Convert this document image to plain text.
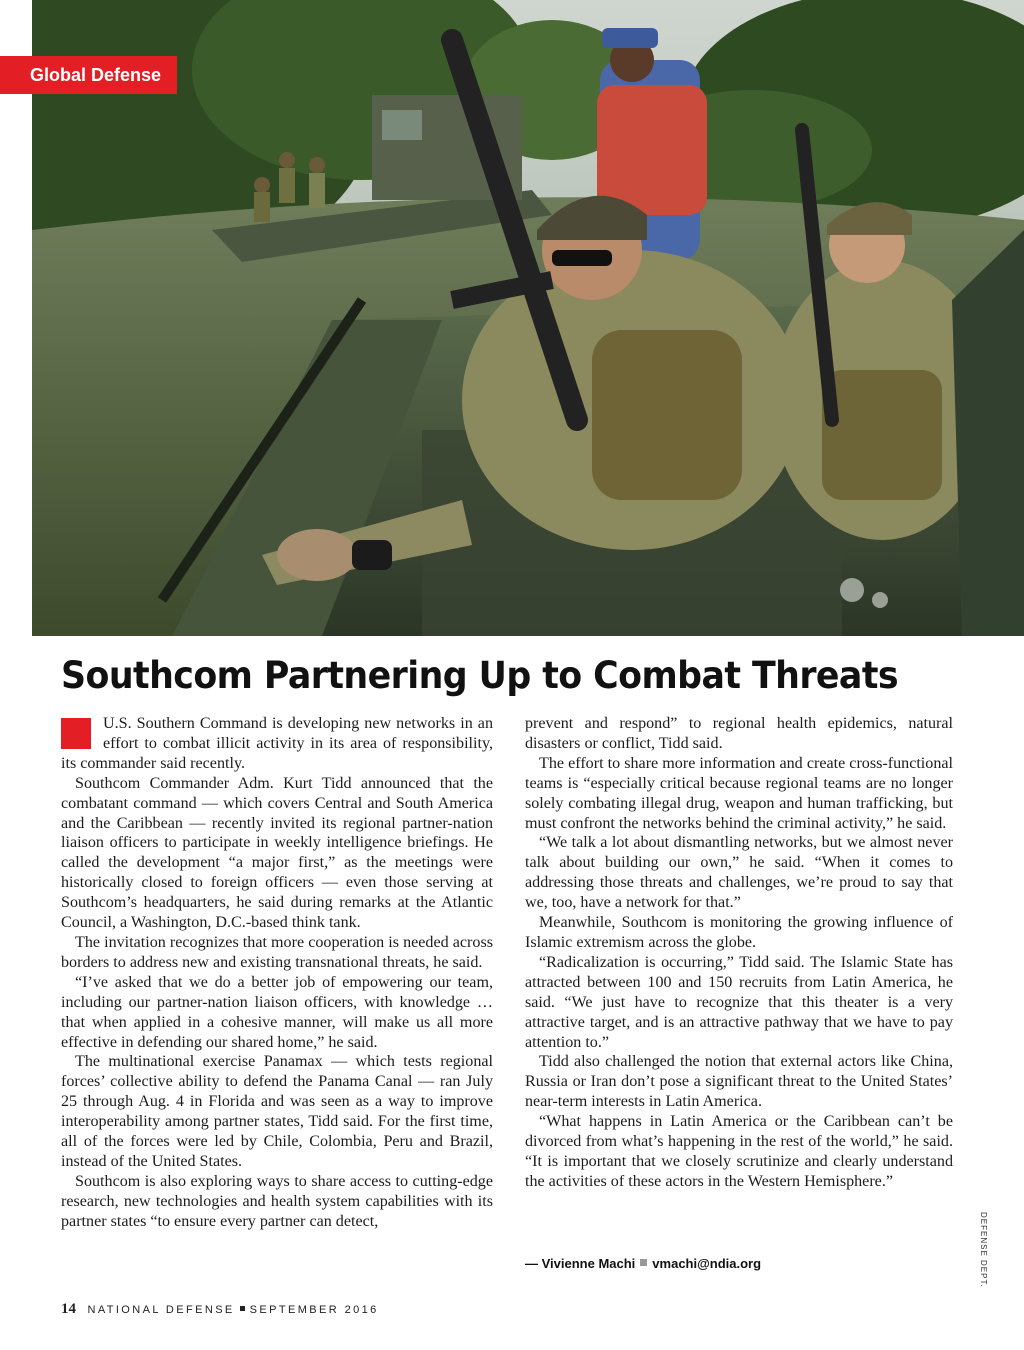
Global Defense
DEFENSE DEPT.
Southcom Partnering Up to Combat Threats

U.S. Southern Command is developing new networks in an effort to combat illicit activity in its area of responsibility, its commander said recently.

Southcom Commander Adm. Kurt Tidd announced that the combatant command — which covers Central and South America and the Caribbean — recently invited its regional partner-nation liaison officers to participate in weekly intelligence briefings. He called the development “a major first,” as the meetings were historically closed to foreign officers — even those serving at Southcom’s headquarters, he said during remarks at the Atlantic Council, a Washington, D.C.-based think tank.

The invitation recognizes that more cooperation is needed across borders to address new and existing transnational threats, he said.

“I’ve asked that we do a better job of empowering our team, including our partner-nation liaison officers, with knowledge … that when applied in a cohesive manner, will make us all more effective in defending our shared home,” he said.

The multinational exercise Panamax — which tests regional forces’ collective ability to defend the Panama Canal — ran July 25 through Aug. 4 in Florida and was seen as a way to improve interoperability among partner states, Tidd said. For the first time, all of the forces were led by Chile, Colombia, Peru and Brazil, instead of the United States.

Southcom is also exploring ways to share access to cutting-edge research, new technologies and health system capabilities with its partner states “to ensure every partner can detect,

prevent and respond” to regional health epidemics, natural disasters or conflict, Tidd said.

The effort to share more information and create cross-functional teams is “especially critical because regional teams are no longer solely combating illegal drug, weapon and human trafficking, but must confront the networks behind the criminal activity,” he said.

“We talk a lot about dismantling networks, but we almost never talk about building our own,” he said. “When it comes to addressing those threats and challenges, we’re proud to say that we, too, have a network for that.”

Meanwhile, Southcom is monitoring the growing influence of Islamic extremism across the globe.

“Radicalization is occurring,” Tidd said. The Islamic State has attracted between 100 and 150 recruits from Latin America, he said. “We just have to recognize that this theater is a very attractive target, and is an attractive pathway that we have to pay attention to.”

Tidd also challenged the notion that external actors like China, Russia or Iran don’t pose a significant threat to the United States’ near-term interests in Latin America.

“What happens in Latin America or the Caribbean can’t be divorced from what’s happening in the rest of the world,” he said. “It is important that we closely scrutinize and clearly understand the activities of these actors in the Western Hemisphere.”

— Vivienne Machi vmachi@ndia.org
14 NATIONAL DEFENSE SEPTEMBER 2016
